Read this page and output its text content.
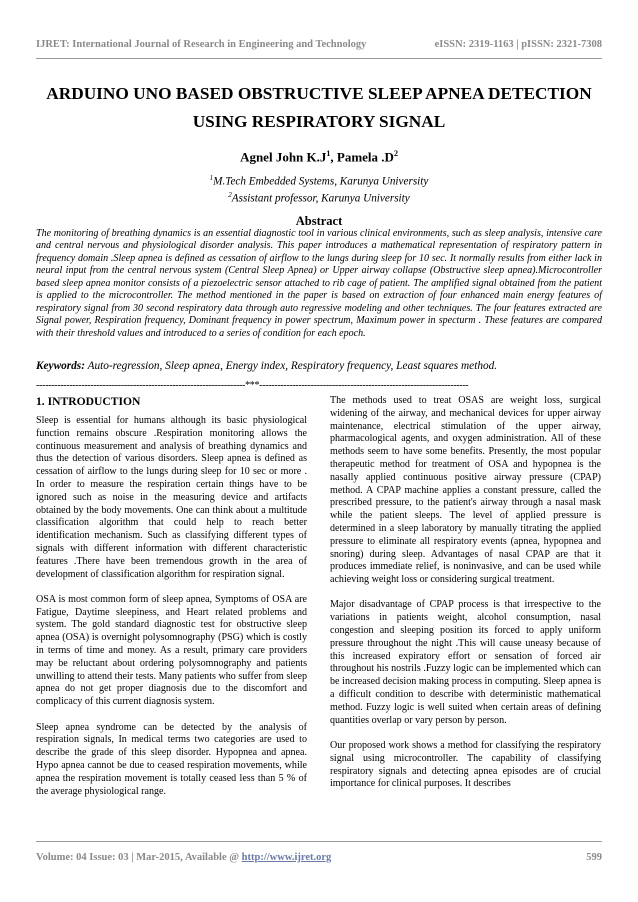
IJRET: International Journal of Research in Engineering and Technology	eISSN: 2319-1163 | pISSN: 2321-7308
ARDUINO UNO BASED OBSTRUCTIVE SLEEP APNEA DETECTION
USING RESPIRATORY SIGNAL
Agnel John $K.J^1$, Pamela $.D^2$
$^1$M.Tech Embedded Systems, Karunya University
$^2$Assistant professor, Karunya University
Abstract

The monitoring of breathing dynamics is an essential diagnostic tool in various clinical environments, such as sleep analysis, intensive care and central nervous and physiological disorder analysis. This paper introduces a mathematical representation of respiratory pattern in frequency domain .Sleep apnea is defined as cessation of airflow to the lungs during sleep for 10 sec. It normally results from either lack in neural input from the central nervous system (Central Sleep Apnea) or Upper airway collapse (Obstructive sleep apnea).Microcontroller based sleep apnea monitor consists of a piezoelectric sensor attached to rib cage of patient. The amplified signal obtained from the patient is applied to the microcontroller. The method mentioned in the paper is based on extraction of four enhanced main energy features of respiratory signal from 30 second respiratory data through auto regressive modeling and other techniques. The four features extracted are Signal power, Respiration frequency, Dominant frequency in power spectrum, Maximum power in specturm . These features are compared with their threshold values and introduced to a series of condition for each epoch.

Keywords: Auto-regression, Sleep apnea, Energy index, Respiratory frequency, Least squares method.

---------------------------------------------------------------------***---------------------------------------------------------------------
1. INTRODUCTION

Sleep is essential for humans although its basic physiological function remains obscure .Respiration monitoring allows the continuous measurement and analysis of breathing dynamics and thus the detection of various disorders. Sleep apnea is defined as cessation of airflow to the lungs during sleep for 10 sec or more . In order to measure the respiration certain things have to be ignored such as noise in the measuring device and artifacts obtained by the body movements. One can think about a multitude classification algorithm that could help to reach better identification mechanism. Such as classifying different types of signals with different information with different characteristic features .There have been tremendous growth in the area of development of classification algorithm for respiration signal.

OSA is most common form of sleep apnea, Symptoms of OSA are Fatigue, Daytime sleepiness, and Heart related problems and system. The gold standard diagnostic test for obstructive sleep apnea (OSA) is overnight polysomnography (PSG) which is costly in terms of time and money. As a result, primary care providers may be reluctant about ordering polysomnography and patients unwilling to attend their tests. Many patients who suffer from sleep apnea do not get proper diagnosis due to the discomfort and complicacy of this current diagnosis system.

Sleep apnea syndrome can be detected by the analysis of respiration signals, In medical terms two categories are used to describe the grade of this sleep disorder. Hypopnea and apnea. Hypo apnea cannot be due to ceased respiration movements, while apnea the respiration movement is totally ceased less than 5 % of the average physiological range.

The methods used to treat OSAS are weight loss, surgical widening of the airway, and mechanical devices for upper airway maintenance, electrical stimulation of the upper airway, pharmacological agents, and oxygen administration. All of these methods seem to have some benefits. Presently, the most popular therapeutic method for treatment of OSA and hypopnea is the nasally applied continuous positive airway pressure (CPAP) method. A CPAP machine applies a constant pressure, called the prescribed pressure, to the patient's airway through a nasal mask while the patient sleeps. The level of applied pressure is determined in a sleep laboratory by manually titrating the applied pressure to eliminate all respiratory events (apnea, hypopnea and snoring) during sleep. Advantages of nasal CPAP are that it produces immediate relief, is noninvasive, and can be used while achieving weight loss or considering surgical treatment.

Major disadvantage of CPAP process is that irrespective to the variations in patients weight, alcohol consumption, nasal congestion and sleeping position its forced to apply uniform pressure throughout the night .This will cause uneasy because of this increased expiratory effort or sensation of forced air throughout his nostrils .Fuzzy logic can be implemented which can be increased decision making process in computing. Sleep apnea is a difficult condition to describe with deterministic mathematical method. Fuzzy logic is well suited when certain areas of defining quantities overlap or vary person by person.

Our proposed work shows a method for classifying the respiratory signal using microcontroller. The capability of classifying respiratory signals and detecting apnea episodes are of crucial importance for clinical purposes. It describes

Volume: 04 Issue: 03 | Mar-2015, Available @ http://www.ijret.org	599
